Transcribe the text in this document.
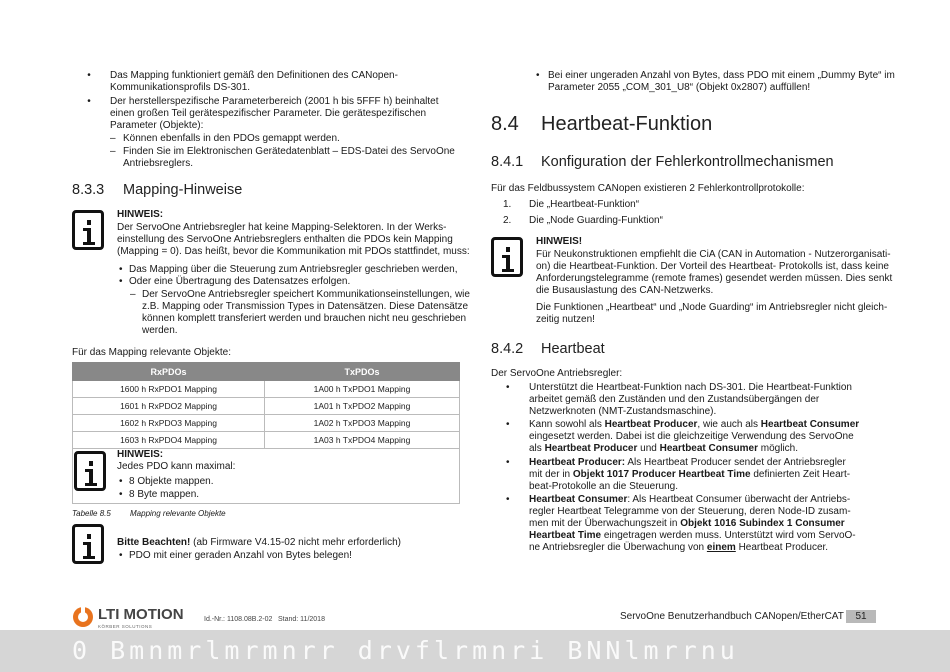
•	Das Mapping funktioniert gemäß den Definitionen des CANopen-
Kommunikationsprofils DS-301.
•	Der herstellerspezifische Parameterbereich (2001 h bis 5FFF h) beinhaltet
einen großen Teil gerätespezifischer Parameter. Die gerätespezifischen
Parameter (Objekte):
– Können ebenfalls in den PDOs gemappt werden.
– Finden Sie im Elektronischen Gerätedatenblatt – EDS-Datei des ServoOne
Antriebsreglers.
8.3.3 Mapping-Hinweise
HINWEIS:
Der ServoOne Antriebsregler hat keine Mapping-Selektoren. In der Werks-
einstellung des ServoOne Antriebsreglers enthalten die PDOs kein Mapping
(Mapping = 0). Das heißt, bevor die Kommunikation mit PDOs stattfindet, muss:
• Das Mapping über die Steuerung zum Antriebsregler geschrieben werden,
• Oder eine Übertragung des Datensatzes erfolgen.
– Der ServoOne Antriebsregler speichert Kommunikationseinstellungen, wie
z.B. Mapping oder Transmission Types in Datensätzen. Diese Datensätze
können komplett transferiert werden und brauchen nicht neu geschrieben
werden.
Für das Mapping relevante Objekte:
RxPDOs	TxPDOs
1600 h RxPDO1 Mapping	1A00 h TxPDO1 Mapping
1601 h RxPDO2 Mapping	1A01 h TxPDO2 Mapping
1602 h RxPDO3 Mapping	1A02 h TxPDO3 Mapping
1603 h RxPDO4 Mapping	1A03 h TxPDO4 Mapping
HINWEIS:
Jedes PDO kann maximal:
• 8 Objekte mappen.
• 8 Byte mappen.
Tabelle 8.5 Mapping relevante Objekte
Bitte Beachten! (ab Firmware V4.15-02 nicht mehr erforderlich)
• PDO mit einer geraden Anzahl von Bytes belegen!
• Bei einer ungeraden Anzahl von Bytes, dass PDO mit einem „Dummy Byte“ im
Parameter 2055 „COM_301_U8“ (Objekt 0x2807) auffüllen!
8.4 Heartbeat-Funktion
8.4.1 Konfiguration der Fehlerkontrollmechanismen
Für das Feldbussystem CANopen existieren 2 Fehlerkontrollprotokolle:
1. Die „Heartbeat-Funktion“
2. Die „Node Guarding-Funktion“
HINWEIS!
Für Neukonstruktionen empfiehlt die CiA (CAN in Automation - Nutzerorganisati-
on) die Heartbeat-Funktion. Der Vorteil des Heartbeat- Protokolls ist, dass keine
Anforderungstelegramme (remote frames) gesendet werden müssen. Dies senkt
die Busauslastung des CAN-Netzwerks.
Die Funktionen „Heartbeat“ und „Node Guarding“ im Antriebsregler nicht gleich-
zeitig nutzen!
8.4.2 Heartbeat
Der ServoOne Antriebsregler:
• Unterstützt die Heartbeat-Funktion nach DS-301. Die Heartbeat-Funktion
arbeitet gemäß den Zuständen und den Zustandsübergängen der
Netzwerknoten (NMT-Zustandsmaschine).
• Kann sowohl als Heartbeat Producer, wie auch als Heartbeat Consumer
eingesetzt werden. Dabei ist die gleichzeitige Verwendung des ServoOne
als Heartbeat Producer und Heartbeat Consumer möglich.
• Heartbeat Producer: Als Heartbeat Producer sendet der Antriebsregler
mit der in Objekt 1017 Producer Heartbeat Time definierten Zeit Heart-
beat-Protokolle an die Steuerung.
• Heartbeat Consumer: Als Heartbeat Consumer überwacht der Antriebs-
regler Heartbeat Telegramme von der Steuerung, deren Node-ID zusam-
men mit der Überwachungszeit in Objekt 1016 Subindex 1 Consumer
Heartbeat Time eingetragen werden muss. Unterstützt wird vom ServoO-
ne Antriebsregler die Überwachung von einem Heartbeat Producer.
LTI MOTION
KÖRBER SOLUTIONS
Id.-Nr.: 1108.08B.2-02 Stand: 11/2018	ServoOne Benutzerhandbuch CANopen/EtherCAT	51
0 Bmnmrlmrmnrr drvflrmnri BNNlmrrnu
